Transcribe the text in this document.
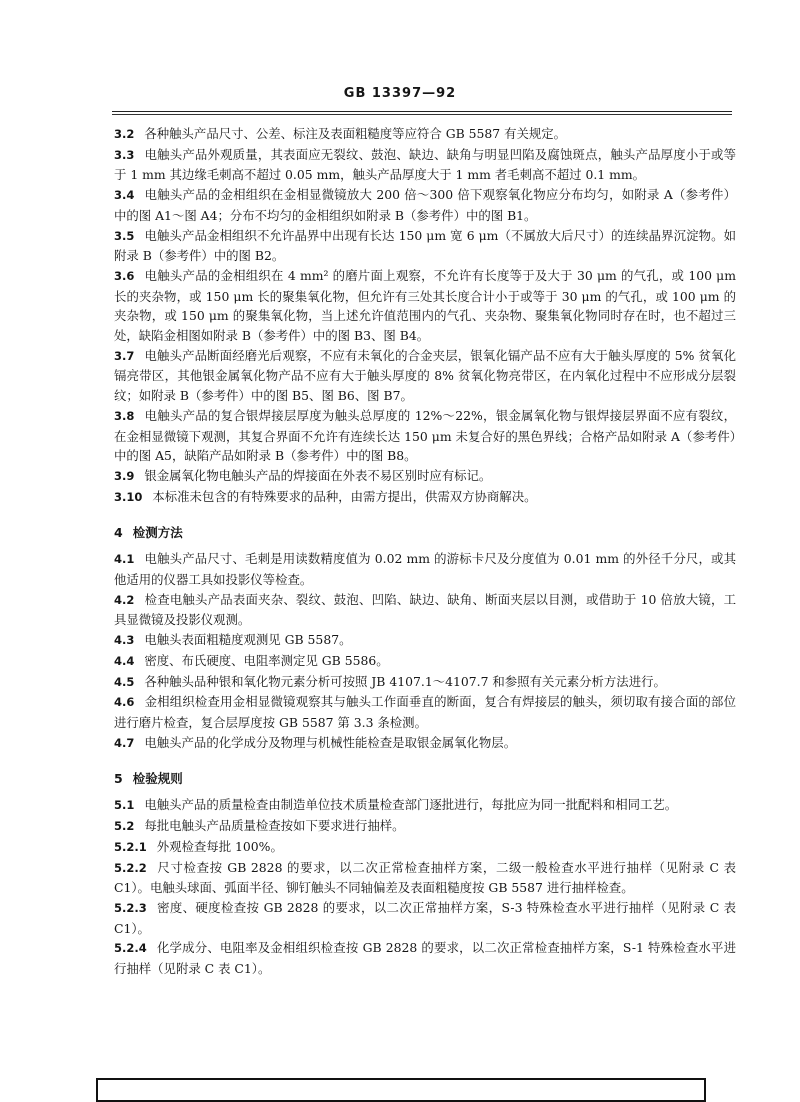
GB 13397—92

3.2 各种触头产品尺寸、公差、标注及表面粗糙度等应符合 GB 5587 有关规定。

3.3 电触头产品外观质量，其表面应无裂纹、鼓泡、缺边、缺角与明显凹陷及腐蚀斑点，触头产品厚度小于或等于 1 mm 其边缘毛刺高不超过 0.05 mm，触头产品厚度大于 1 mm 者毛刺高不超过 0.1 mm。

3.4 电触头产品的金相组织在金相显微镜放大 200 倍～300 倍下观察氧化物应分布均匀，如附录 A（参考件）中的图 A1～图 A4；分布不均匀的金相组织如附录 B（参考件）中的图 B1。

3.5 电触头产品金相组织不允许晶界中出现有长达 150 μm 宽 6 μm（不属放大后尺寸）的连续晶界沉淀物。如附录 B（参考件）中的图 B2。

3.6 电触头产品的金相组织在 4 mm² 的磨片面上观察，不允许有长度等于及大于 30 μm 的气孔，或 100 μm 长的夹杂物，或 150 μm 长的聚集氧化物，但允许有三处其长度合计小于或等于 30 μm 的气孔，或 100 μm 的夹杂物，或 150 μm 的聚集氧化物，当上述允许值范围内的气孔、夹杂物、聚集氧化物同时存在时，也不超过三处，缺陷金相图如附录 B（参考件）中的图 B3、图 B4。

3.7 电触头产品断面经磨光后观察，不应有未氧化的合金夹层，银氧化镉产品不应有大于触头厚度的 5% 贫氧化镉亮带区，其他银金属氧化物产品不应有大于触头厚度的 8% 贫氧化物亮带区，在内氧化过程中不应形成分层裂纹；如附录 B（参考件）中的图 B5、图 B6、图 B7。

3.8 电触头产品的复合银焊接层厚度为触头总厚度的 12%～22%，银金属氧化物与银焊接层界面不应有裂纹，在金相显微镜下观测，其复合界面不允许有连续长达 150 μm 未复合好的黑色界线；合格产品如附录 A（参考件）中的图 A5，缺陷产品如附录 B（参考件）中的图 B8。

3.9 银金属氧化物电触头产品的焊接面在外表不易区别时应有标记。

3.10 本标准未包含的有特殊要求的品种，由需方提出，供需双方协商解决。

4 检测方法

4.1 电触头产品尺寸、毛刺是用读数精度值为 0.02 mm 的游标卡尺及分度值为 0.01 mm 的外径千分尺，或其他适用的仪器工具如投影仪等检查。

4.2 检查电触头产品表面夹杂、裂纹、鼓泡、凹陷、缺边、缺角、断面夹层以目测，或借助于 10 倍放大镜，工具显微镜及投影仪观测。

4.3 电触头表面粗糙度观测见 GB 5587。

4.4 密度、布氏硬度、电阻率测定见 GB 5586。

4.5 各种触头品种银和氧化物元素分析可按照 JB 4107.1～4107.7 和参照有关元素分析方法进行。

4.6 金相组织检查用金相显微镜观察其与触头工作面垂直的断面，复合有焊接层的触头，须切取有接合面的部位进行磨片检查，复合层厚度按 GB 5587 第 3.3 条检测。

4.7 电触头产品的化学成分及物理与机械性能检查是取银金属氧化物层。

5 检验规则

5.1 电触头产品的质量检查由制造单位技术质量检查部门逐批进行，每批应为同一批配料和相同工艺。

5.2 每批电触头产品质量检查按如下要求进行抽样。

5.2.1 外观检查每批 100%。

5.2.2 尺寸检查按 GB 2828 的要求，以二次正常检查抽样方案，二级一般检查水平进行抽样（见附录 C 表 C1）。电触头球面、弧面半径、铆钉触头不同轴偏差及表面粗糙度按 GB 5587 进行抽样检查。

5.2.3 密度、硬度检查按 GB 2828 的要求，以二次正常抽样方案，S-3 特殊检查水平进行抽样（见附录 C 表 C1）。

5.2.4 化学成分、电阻率及金相组织检查按 GB 2828 的要求，以二次正常检查抽样方案，S-1 特殊检查水平进行抽样（见附录 C 表 C1）。
